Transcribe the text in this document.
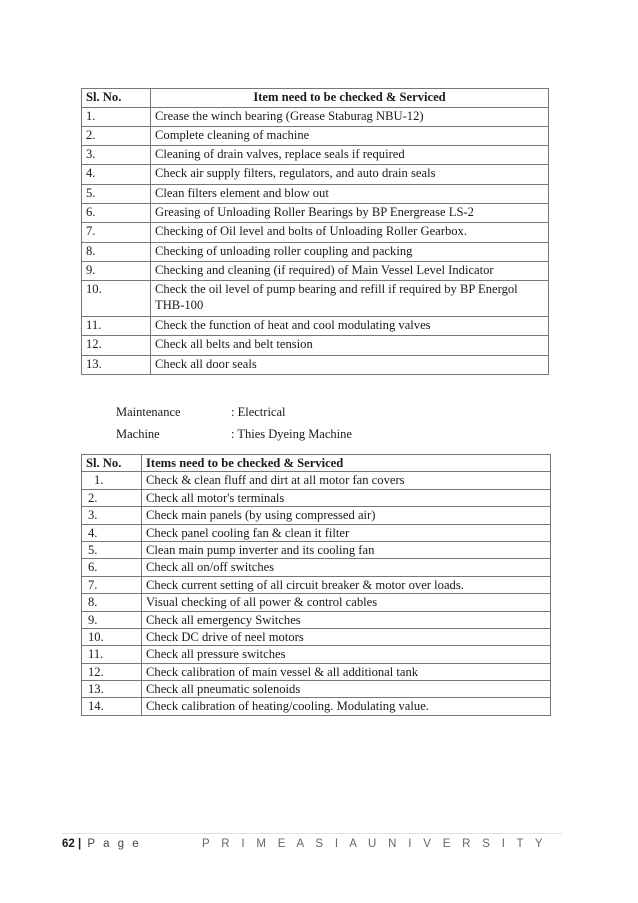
Sl. No.	Item need to be checked & Serviced
1.	Crease the winch bearing (Grease Staburag NBU-12)
2.	Complete cleaning of machine
3.	Cleaning of drain valves, replace seals if required
4.	Check air supply filters, regulators, and auto drain seals
5.	Clean filters element and blow out
6.	Greasing of Unloading Roller Bearings by BP Energrease LS-2
7.	Checking of Oil level and bolts of Unloading Roller Gearbox.
8.	Checking of unloading roller coupling and packing
9.	Checking and cleaning (if required) of Main Vessel Level Indicator
10.	Check the oil level of pump bearing and refill if required by BP Energol THB-100
11.	Check the function of heat and cool modulating valves
12.	Check all belts and belt tension
13.	Check all door seals
Maintenance	: Electrical
Machine	: Thies Dyeing Machine
Sl. No.	Items need to be checked & Serviced
1.	Check & clean fluff and dirt at all motor fan covers
2.	Check all motor's terminals
3.	Check main panels (by using compressed air)
4.	Check panel cooling fan & clean it filter
5.	Clean main pump inverter and its cooling fan
6.	Check all on/off switches
7.	Check current setting of all circuit breaker & motor over loads.
8.	Visual checking of all power & control cables
9.	Check all emergency Switches
10.	Check DC drive of neel motors
11.	Check all pressure switches
12.	Check calibration of main vessel & all additional tank
13.	Check all pneumatic solenoids
14.	Check calibration of heating/cooling. Modulating value.
62 | P a g e	P R I M E A S I A U N I V E R S I T Y
